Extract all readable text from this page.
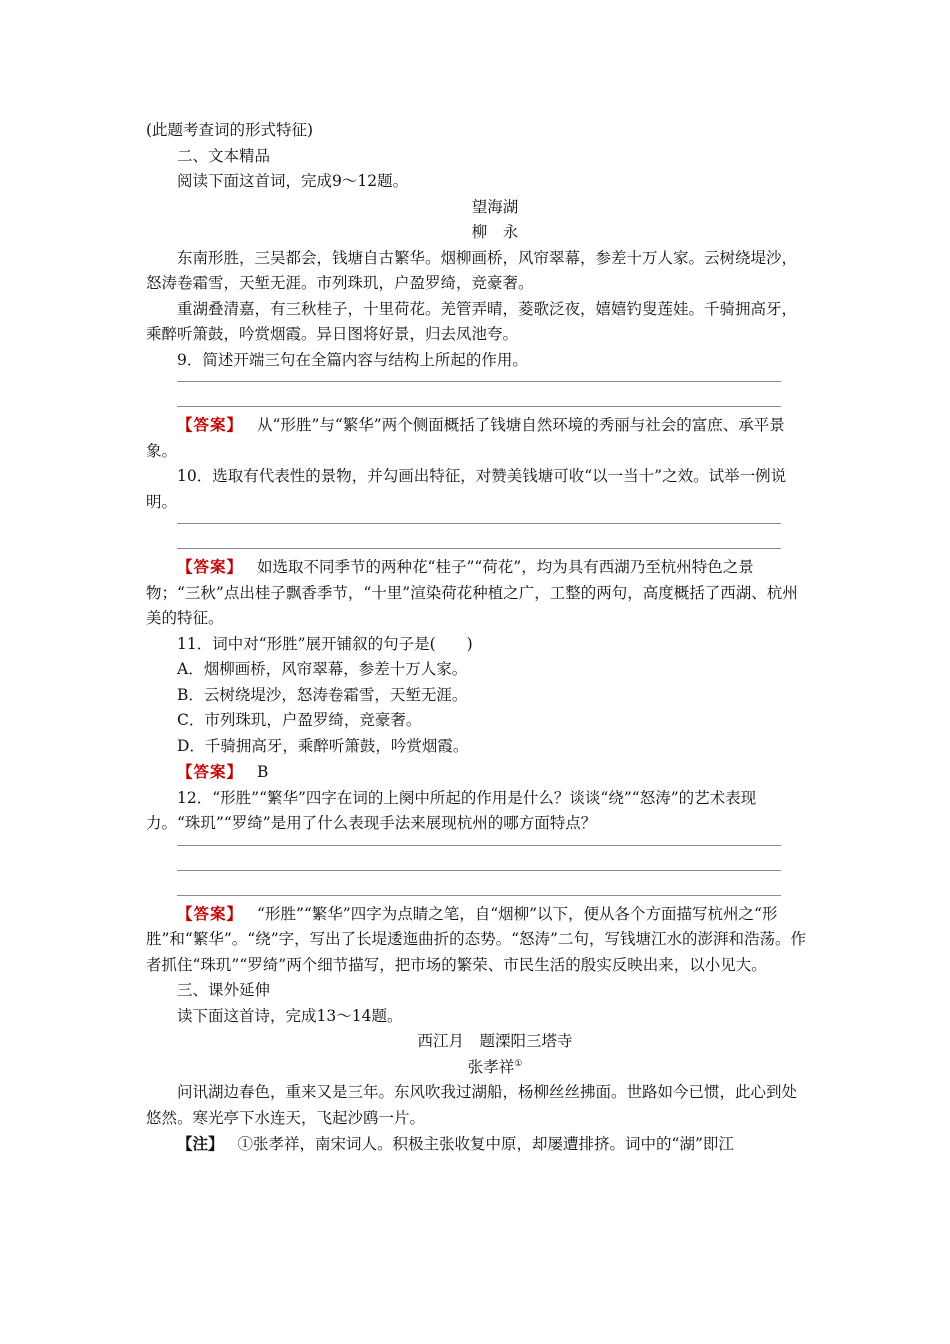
(此题考查词的形式特征)

二、文本精品

阅读下面这首词，完成9～12题。

望海湖

柳　永

东南形胜，三吴都会，钱塘自古繁华。烟柳画桥，风帘翠幕，参差十万人家。云树绕堤沙，怒涛卷霜雪，天堑无涯。市列珠玑，户盈罗绮，竞豪奢。

重湖叠清嘉，有三秋桂子，十里荷花。羌管弄晴，菱歌泛夜，嬉嬉钓叟莲娃。千骑拥高牙，乘醉听箫鼓，吟赏烟霞。异日图将好景，归去凤池夸。

9．简述开端三句在全篇内容与结构上所起的作用。

【答案】 从“形胜”与“繁华”两个侧面概括了钱塘自然环境的秀丽与社会的富庶、承平景象。

10．选取有代表性的景物，并勾画出特征，对赞美钱塘可收“以一当十”之效。试举一例说明。

【答案】 如选取不同季节的两种花“桂子”“荷花”，均为具有西湖乃至杭州特色之景物；“三秋”点出桂子飘香季节，“十里”渲染荷花种植之广，工整的两句，高度概括了西湖、杭州美的特征。

11．词中对“形胜”展开铺叙的句子是(　　)

A．烟柳画桥，风帘翠幕，参差十万人家。

B．云树绕堤沙，怒涛卷霜雪，天堑无涯。

C．市列珠玑，户盈罗绮，竞豪奢。

D．千骑拥高牙，乘醉听箫鼓，吟赏烟霞。

【答案】 B

12．“形胜”“繁华”四字在词的上阕中所起的作用是什么？谈谈“绕”“怒涛”的艺术表现力。“珠玑”“罗绮”是用了什么表现手法来展现杭州的哪方面特点？

【答案】 “形胜”“繁华”四字为点睛之笔，自“烟柳”以下，便从各个方面描写杭州之“形胜”和“繁华”。“绕”字，写出了长堤逶迤曲折的态势。“怒涛”二句，写钱塘江水的澎湃和浩荡。作者抓住“珠玑”“罗绮”两个细节描写，把市场的繁荣、市民生活的殷实反映出来，以小见大。

三、课外延伸

读下面这首诗，完成13～14题。

西江月　题溧阳三塔寺

张孝祥①

问讯湖边春色，重来又是三年。东风吹我过湖船，杨柳丝丝拂面。世路如今已惯，此心到处悠然。寒光亭下水连天，飞起沙鸥一片。

【注】 ①张孝祥，南宋词人。积极主张收复中原，却屡遭排挤。词中的“湖”即江
